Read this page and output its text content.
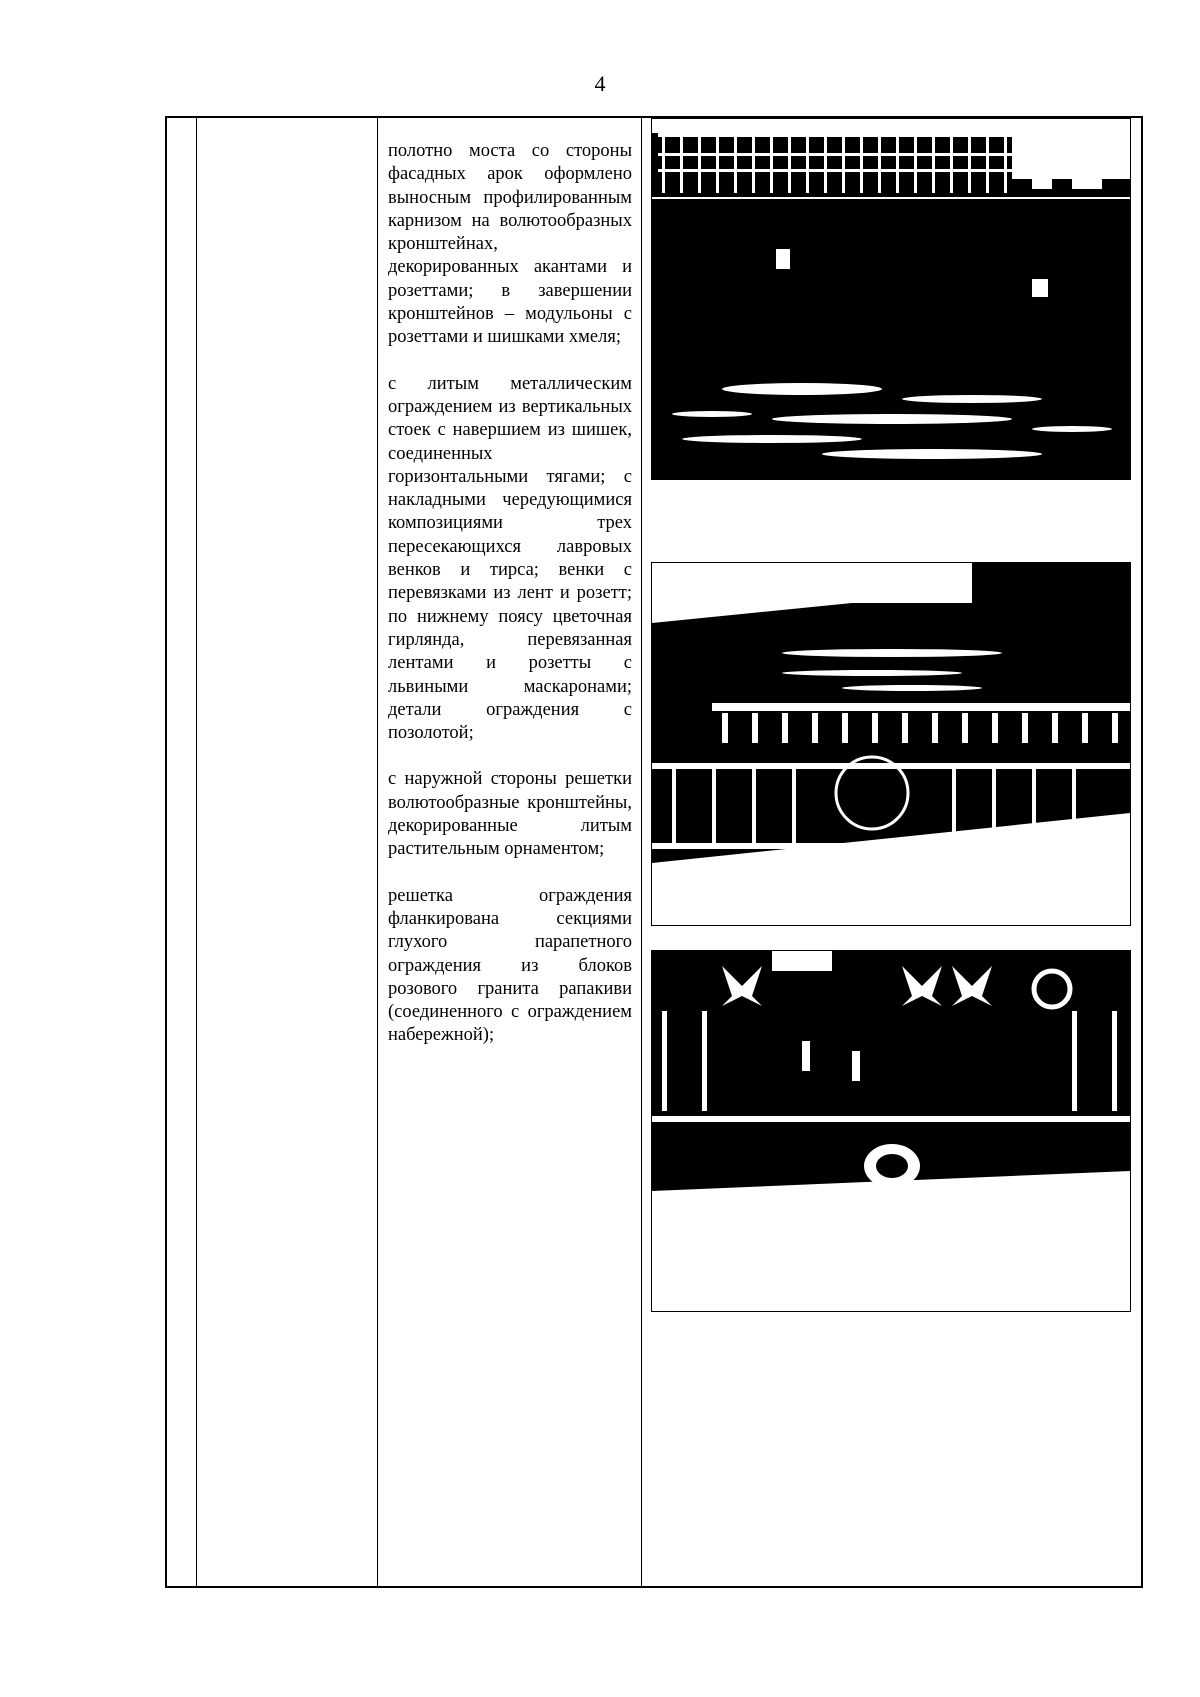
4

полотно моста со стороны фасадных арок оформлено выносным профилированным карнизом на волютообразных кронштейнах, декорированных акантами и розеттами; в завершении кронштейнов – модульоны с розеттами и шишками хмеля;

с литым металлическим ограждением из вертикальных стоек с навершием из шишек, соединенных горизонтальными тягами; с накладными чередующимися композициями трех пересекающихся лавровых венков и тирса; венки с перевязками из лент и розетт; по нижнему поясу цветочная гирлянда, перевязанная лентами и розетты с львиными маскаронами; детали ограждения с позолотой;

с наружной стороны решетки волютообразные кронштейны, декорированные литым растительным орнаментом;

решетка ограждения фланкирована секциями глухого парапетного ограждения из блоков розового гранита рапакиви (соединенного с ограждением набережной);
